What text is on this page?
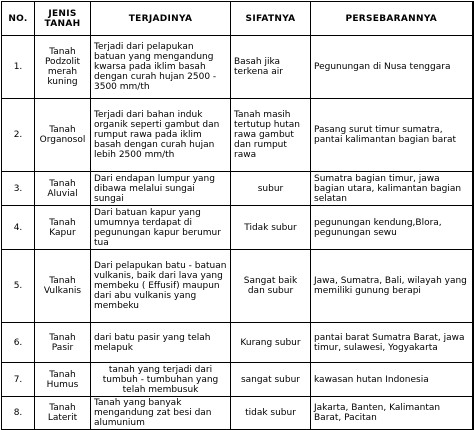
NO.	JENIS TANAH	TERJADINYA	SIFATNYA	PERSEBARANNYA
1.	Tanah Podzolit merah kuning	Terjadi dari pelapukan batuan yang mengandung kwarsa pada iklim basah dengan curah hujan 2500 - 3500 mm/th	Basah jika terkena air	Pegunungan di Nusa tenggara
2.	Tanah Organosol	Terjadi dari bahan induk organik seperti gambut dan rumput rawa pada iklim basah dengan curah hujan lebih 2500 mm/th	Tanah masih tertutup hutan rawa gambut dan rumput rawa	Pasang surut timur sumatra, pantai kalimantan bagian barat
3.	Tanah Aluvial	Dari endapan lumpur yang dibawa melalui sungai sungai	subur	Sumatra bagian timur, jawa bagian utara, kalimantan bagian selatan
4.	Tanah Kapur	Dari batuan kapur yang umumnya terdapat di pegunungan kapur berumur tua	Tidak subur	pegunungan kendung,Blora, pegunungan sewu
5.	Tanah Vulkanis	Dari pelapukan batu - batuan vulkanis, baik dari lava yang membeku ( Effusif) maupun dari abu vulkanis yang membeku	Sangat baik dan subur	Jawa, Sumatra, Bali, wilayah yang memiliki gunung berapi
6.	Tanah Pasir	dari batu pasir yang telah melapuk	Kurang subur	pantai barat Sumatra Barat, jawa timur, sulawesi, Yogyakarta
7.	Tanah Humus	tanah yang terjadi dari tumbuh - tumbuhan yang telah membusuk	sangat subur	kawasan hutan Indonesia
8.	Tanah Laterit	Tanah yang banyak mengandung zat besi dan alumunium	tidak subur	Jakarta, Banten, Kalimantan Barat, Pacitan
